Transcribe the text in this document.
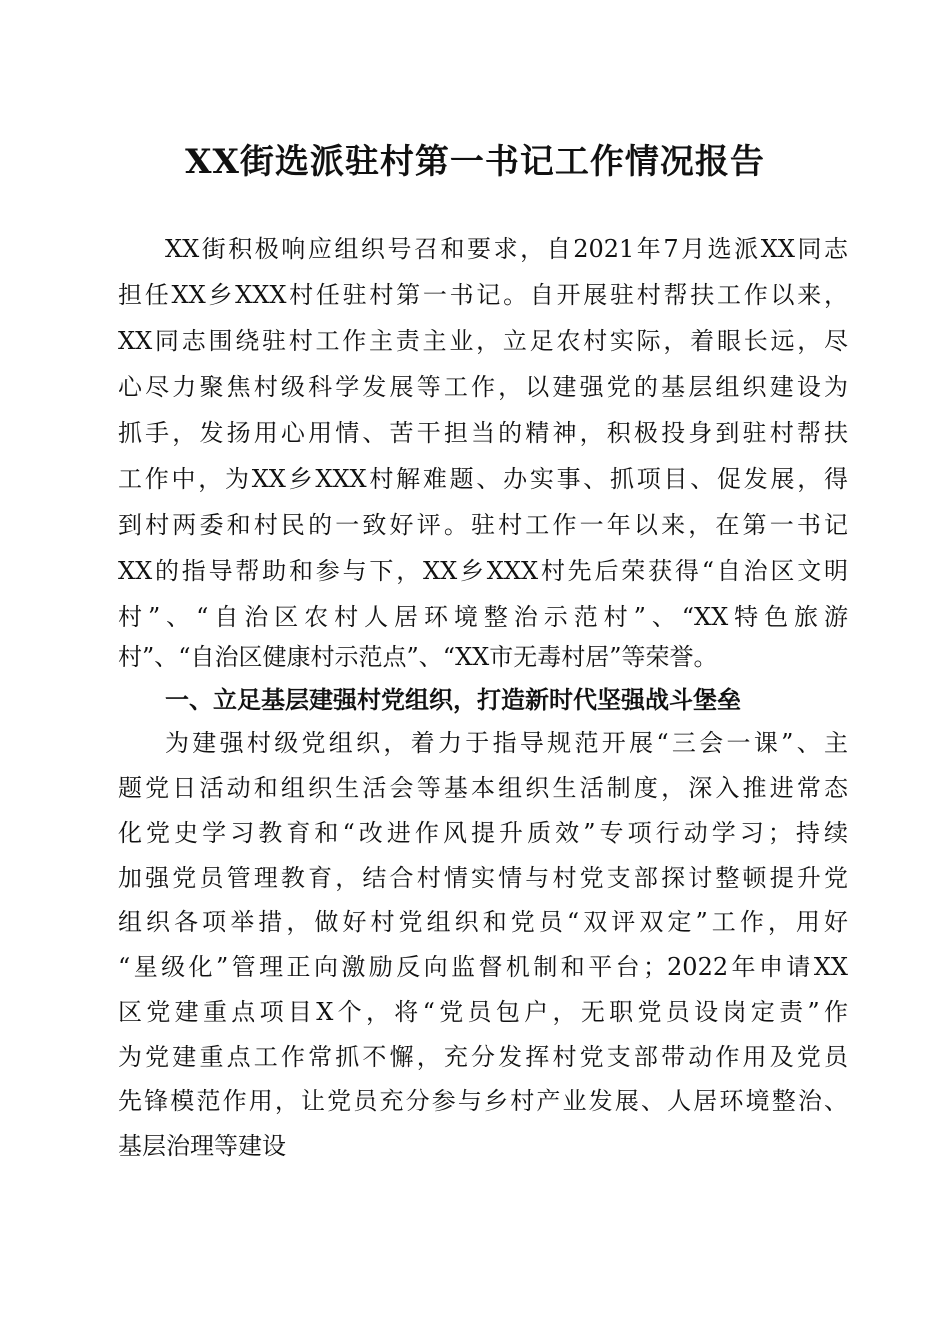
XX街选派驻村第一书记工作情况报告
XX街积极响应组织号召和要求，自2021年7月选派XX同志
担任XX乡XXX村任驻村第一书记。自开展驻村帮扶工作以来，
XX同志围绕驻村工作主责主业，立足农村实际，着眼长远，尽
心尽力聚焦村级科学发展等工作，以建强党的基层组织建设为
抓手，发扬用心用情、苦干担当的精神，积极投身到驻村帮扶
工作中，为XX乡XXX村解难题、办实事、抓项目、促发展，得
到村两委和村民的一致好评。驻村工作一年以来，在第一书记
XX的指导帮助和参与下，XX乡XXX村先后荣获得“自治区文明
村”、“自治区农村人居环境整治示范村”、“XX特色旅游
村”、“自治区健康村示范点”、“XX市无毒村居”等荣誉。
一、立足基层建强村党组织，打造新时代坚强战斗堡垒
为建强村级党组织，着力于指导规范开展“三会一课”、主
题党日活动和组织生活会等基本组织生活制度，深入推进常态
化党史学习教育和“改进作风提升质效”专项行动学习；持续
加强党员管理教育，结合村情实情与村党支部探讨整顿提升党
组织各项举措，做好村党组织和党员“双评双定”工作，用好
“星级化”管理正向激励反向监督机制和平台；2022年申请XX
区党建重点项目X个，将“党员包户，无职党员设岗定责”作
为党建重点工作常抓不懈，充分发挥村党支部带动作用及党员
先锋模范作用，让党员充分参与乡村产业发展、人居环境整治、
基层治理等建设
